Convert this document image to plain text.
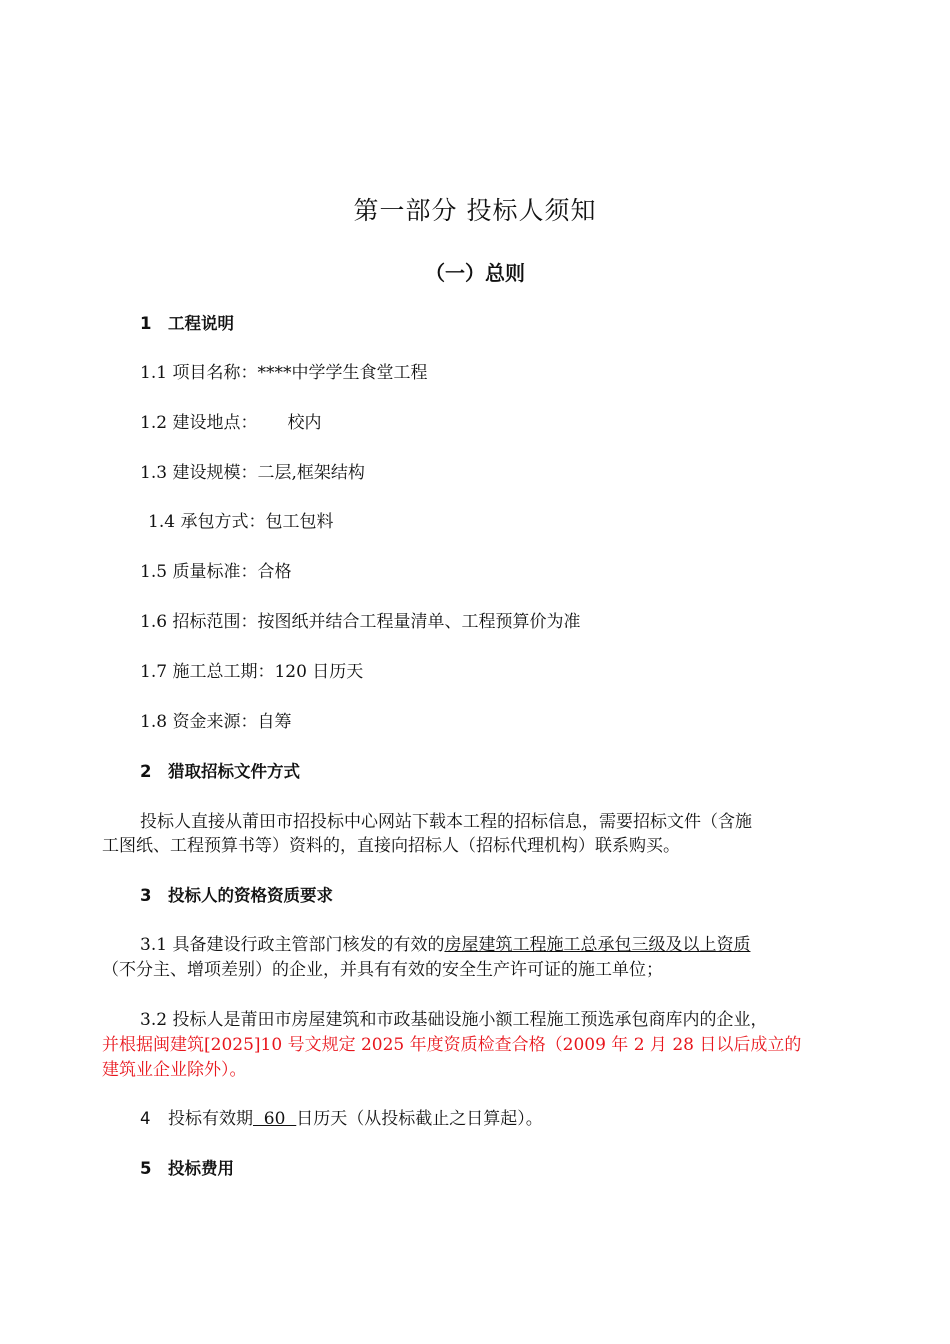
第一部分 投标人须知
（一）总则
1 工程说明
1.1 项目名称：****中学学生食堂工程
1.2 建设地点： 校内
1.3 建设规模：二层,框架结构
1.4 承包方式：包工包料
1.5 质量标准：合格
1.6 招标范围：按图纸并结合工程量清单、工程预算价为准
1.7 施工总工期：120 日历天
1.8 资金来源：自筹
2 猎取招标文件方式
投标人直接从莆田市招投标中心网站下载本工程的招标信息，需要招标文件（含施
工图纸、工程预算书等）资料的，直接向招标人（招标代理机构）联系购买。
3 投标人的资格资质要求
3.1 具备建设行政主管部门核发的有效的房屋建筑工程施工总承包三级及以上资质
（不分主、增项差别）的企业，并具有有效的安全生产许可证的施工单位；
3.2 投标人是莆田市房屋建筑和市政基础设施小额工程施工预选承包商库内的企业，
并根据闽建筑[2025]10 号文规定 2025 年度资质检查合格（2009 年 2 月 28 日以后成立的
建筑业企业除外）。
4 投标有效期  60  日历天（从投标截止之日算起）。
5 投标费用
